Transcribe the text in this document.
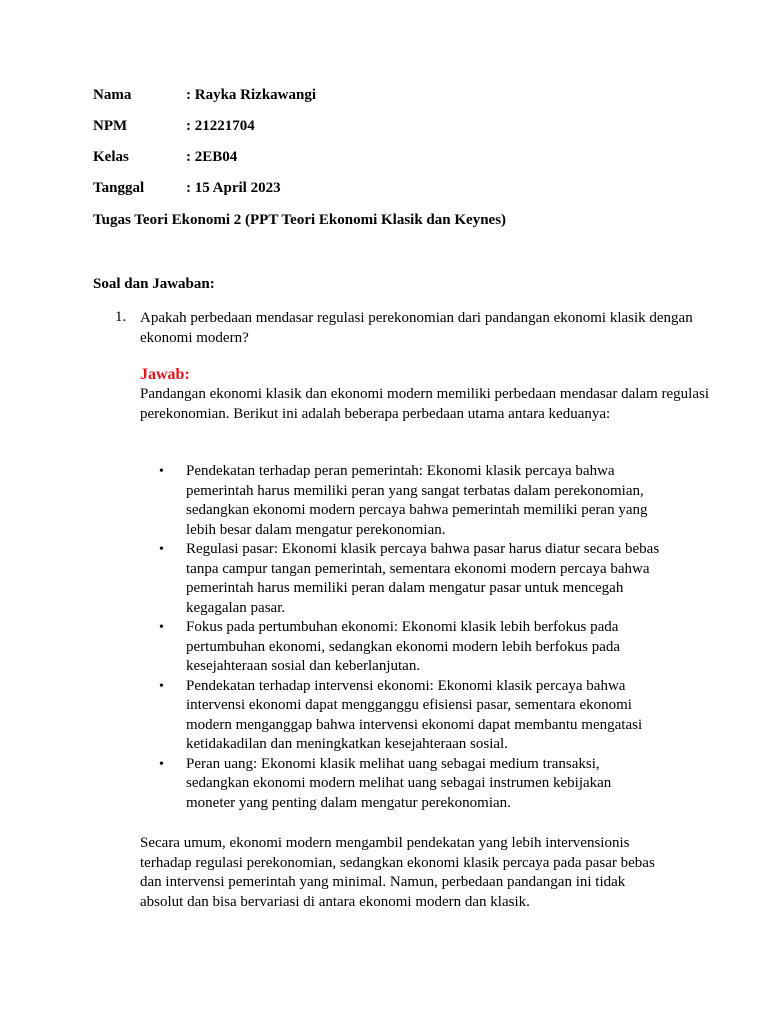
Nama	: Rayka Rizkawangi
NPM	: 21221704
Kelas	: 2EB04
Tanggal	: 15 April 2023
Tugas Teori Ekonomi 2 (PPT Teori Ekonomi Klasik dan Keynes)
Soal dan Jawaban:
1. Apakah perbedaan mendasar regulasi perekonomian dari pandangan ekonomi klasik dengan ekonomi modern?
Jawab:
Pandangan ekonomi klasik dan ekonomi modern memiliki perbedaan mendasar dalam regulasi perekonomian. Berikut ini adalah beberapa perbedaan utama antara keduanya:
• Pendekatan terhadap peran pemerintah: Ekonomi klasik percaya bahwa pemerintah harus memiliki peran yang sangat terbatas dalam perekonomian, sedangkan ekonomi modern percaya bahwa pemerintah memiliki peran yang lebih besar dalam mengatur perekonomian.
• Regulasi pasar: Ekonomi klasik percaya bahwa pasar harus diatur secara bebas tanpa campur tangan pemerintah, sementara ekonomi modern percaya bahwa pemerintah harus memiliki peran dalam mengatur pasar untuk mencegah kegagalan pasar.
• Fokus pada pertumbuhan ekonomi: Ekonomi klasik lebih berfokus pada pertumbuhan ekonomi, sedangkan ekonomi modern lebih berfokus pada kesejahteraan sosial dan keberlanjutan.
• Pendekatan terhadap intervensi ekonomi: Ekonomi klasik percaya bahwa intervensi ekonomi dapat mengganggu efisiensi pasar, sementara ekonomi modern menganggap bahwa intervensi ekonomi dapat membantu mengatasi ketidakadilan dan meningkatkan kesejahteraan sosial.
• Peran uang: Ekonomi klasik melihat uang sebagai medium transaksi, sedangkan ekonomi modern melihat uang sebagai instrumen kebijakan moneter yang penting dalam mengatur perekonomian.
Secara umum, ekonomi modern mengambil pendekatan yang lebih intervensionis terhadap regulasi perekonomian, sedangkan ekonomi klasik percaya pada pasar bebas dan intervensi pemerintah yang minimal. Namun, perbedaan pandangan ini tidak absolut dan bisa bervariasi di antara ekonomi modern dan klasik.
